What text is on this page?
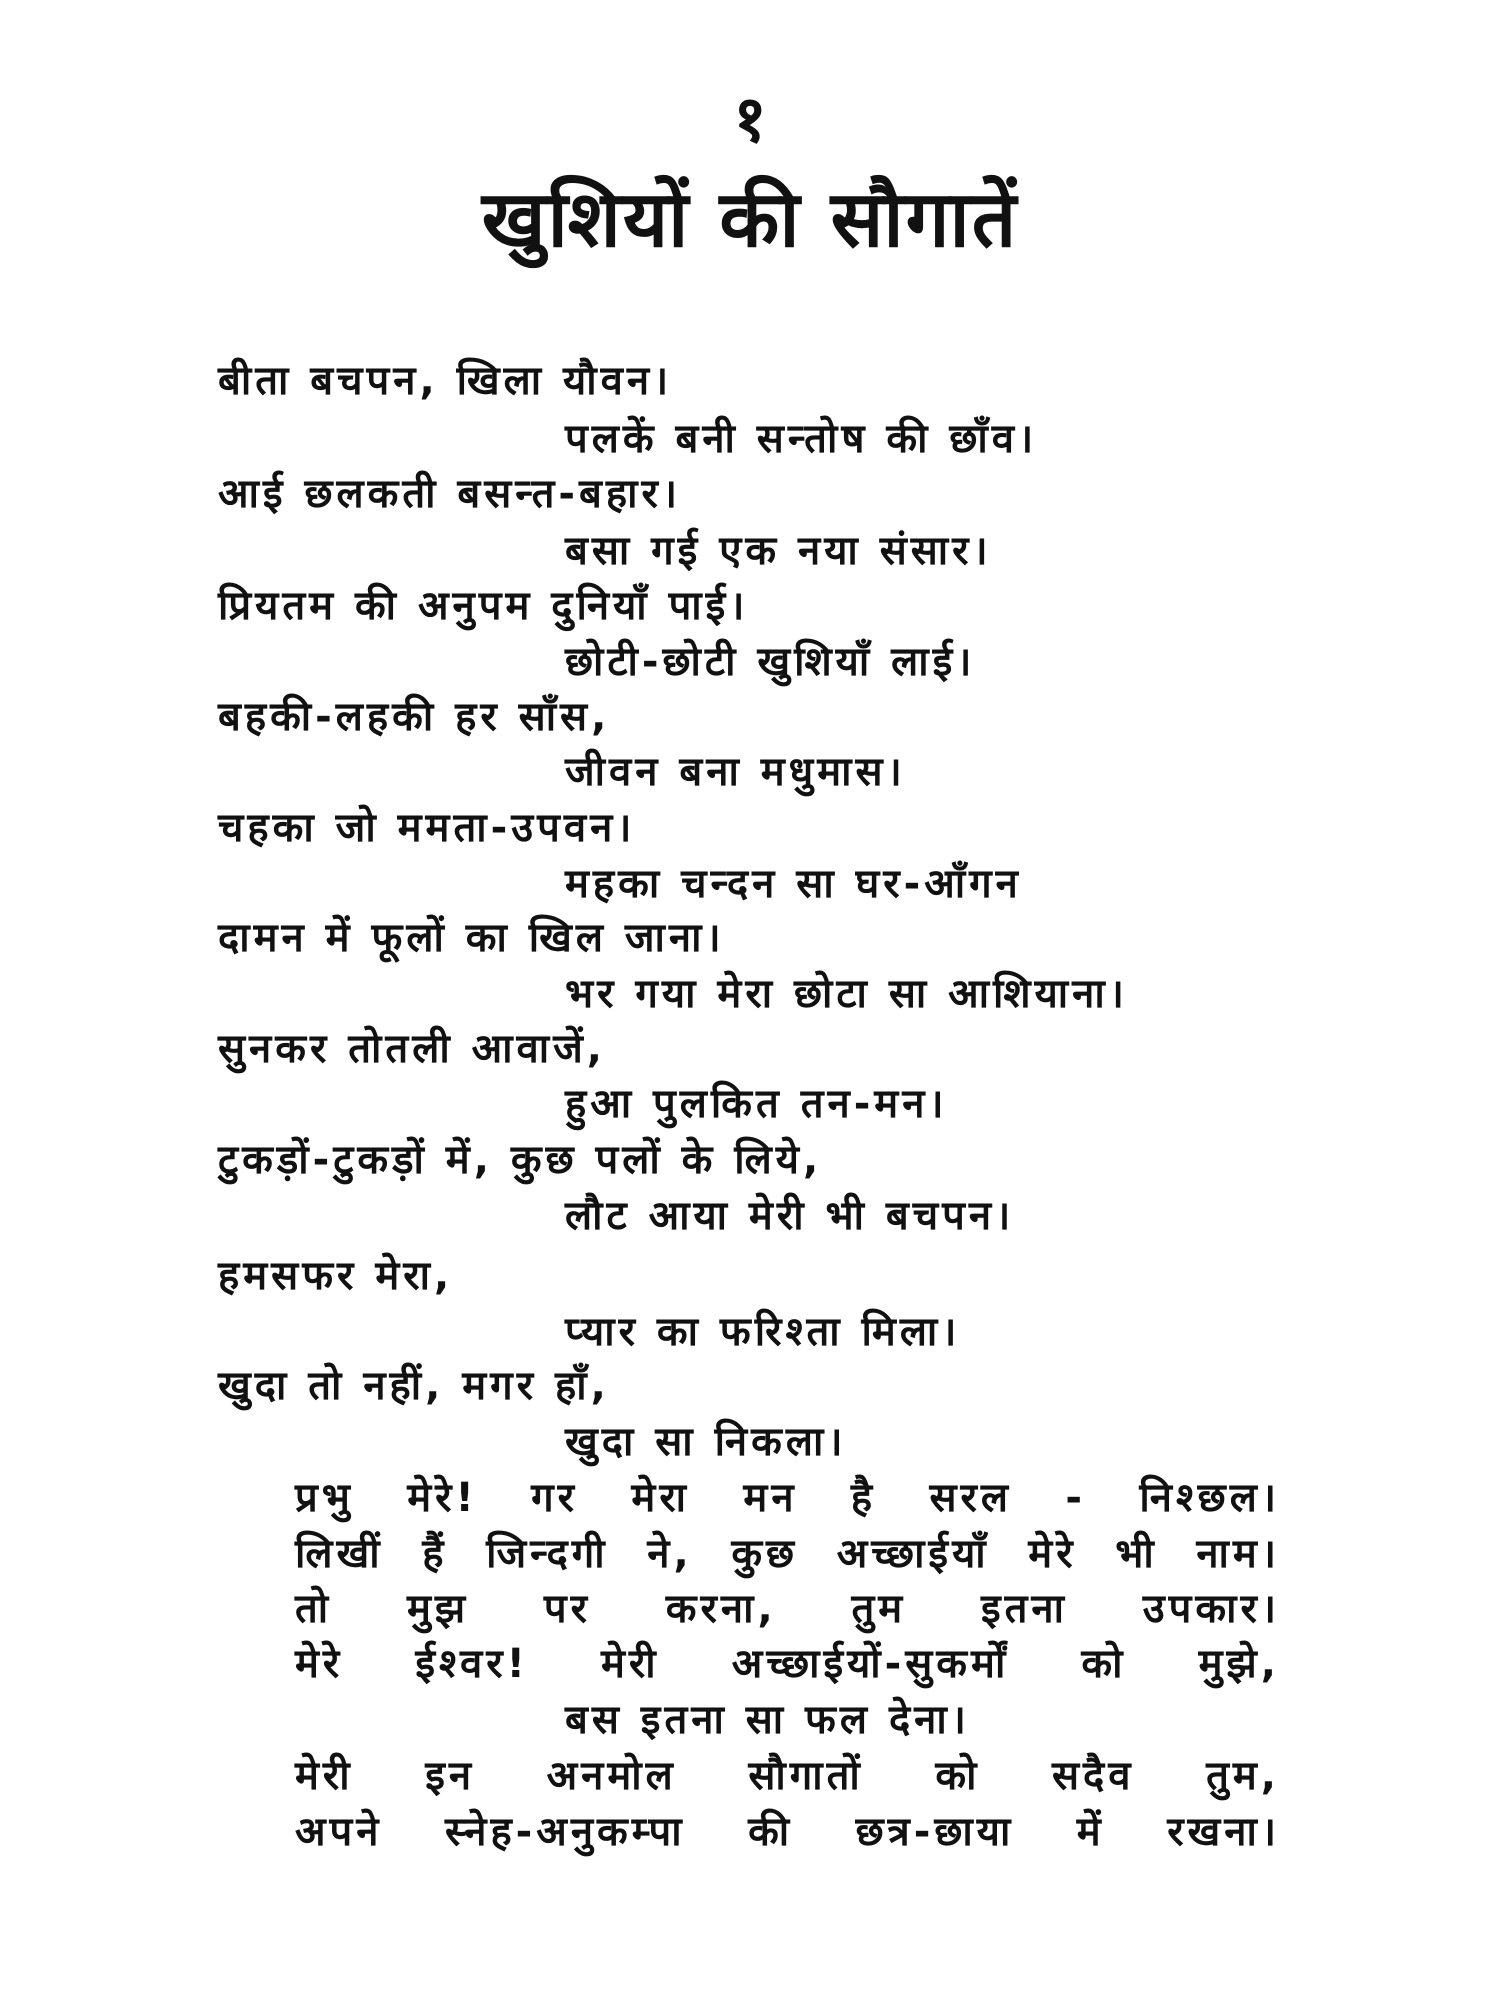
१
खुशियों की सौगातें
बीता बचपन, खिला यौवन।
पलकें बनी सन्तोष की छाँव।
आई छलकती बसन्त-बहार।
बसा गई एक नया संसार।
प्रियतम की अनुपम दुनियाँ पाई।
छोटी-छोटी खुशियाँ लाई।
बहकी-लहकी हर साँस,
जीवन बना मधुमास।
चहका जो ममता-उपवन।
महका चन्दन सा घर-आँगन
दामन में फूलों का खिल जाना।
भर गया मेरा छोटा सा आशियाना।
सुनकर तोतली आवाजें,
हुआ पुलकित तन-मन।
टुकड़ों-टुकड़ों में, कुछ पलों के लिये,
लौट आया मेरी भी बचपन।
हमसफर मेरा,
प्यार का फरिश्ता मिला।
खुदा तो नहीं, मगर हाँ,
खुदा सा निकला।
प्रभु मेरे! गर मेरा मन है सरल - निश्छल।
लिखीं हैं जिन्दगी ने, कुछ अच्छाईयाँ मेरे भी नाम।
तो मुझ पर करना, तुम इतना उपकार।
मेरे ईश्वर! मेरी अच्छाईयों-सुकर्मों को मुझे,
बस इतना सा फल देना।
मेरी इन अनमोल सौगातों को सदैव तुम,
अपने स्नेह-अनुकम्पा की छत्र-छाया में रखना।
